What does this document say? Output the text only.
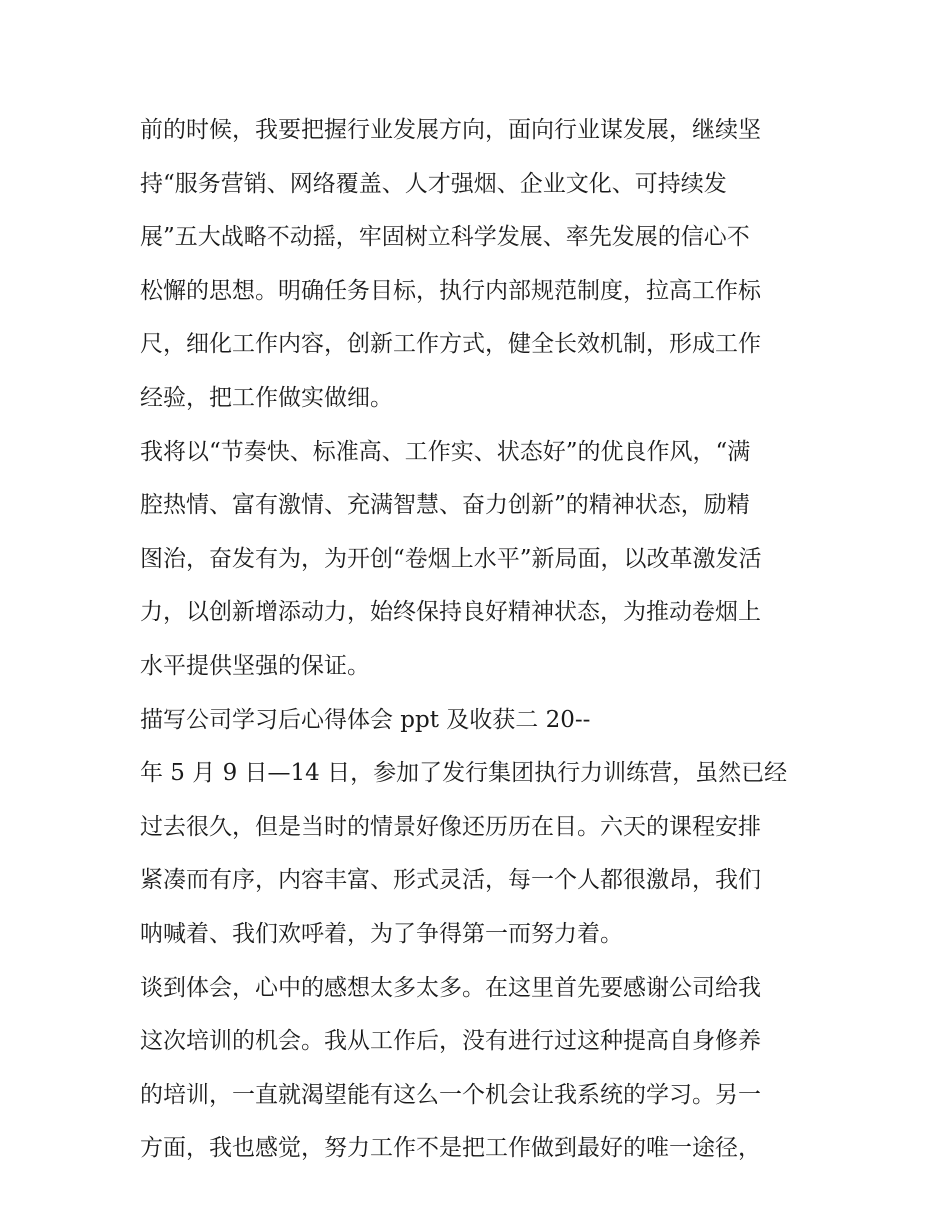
前的时候，我要把握行业发展方向，面向行业谋发展，继续坚
持“服务营销、网络覆盖、人才强烟、企业文化、可持续发
展”五大战略不动摇，牢固树立科学发展、率先发展的信心不
松懈的思想。明确任务目标，执行内部规范制度，拉高工作标
尺，细化工作内容，创新工作方式，健全长效机制，形成工作
经验，把工作做实做细。
我将以“节奏快、标准高、工作实、状态好”的优良作风，“满
腔热情、富有激情、充满智慧、奋力创新”的精神状态，励精
图治，奋发有为，为开创“卷烟上水平”新局面，以改革激发活
力，以创新增添动力，始终保持良好精神状态，为推动卷烟上
水平提供坚强的保证。
描写公司学习后心得体会 ppt 及收获二 20--
年 5 月 9 日—14 日，参加了发行集团执行力训练营，虽然已经
过去很久，但是当时的情景好像还历历在目。六天的课程安排
紧凑而有序，内容丰富、形式灵活，每一个人都很激昂，我们
呐喊着、我们欢呼着，为了争得第一而努力着。
谈到体会，心中的感想太多太多。在这里首先要感谢公司给我
这次培训的机会。我从工作后，没有进行过这种提高自身修养
的培训，一直就渴望能有这么一个机会让我系统的学习。另一
方面，我也感觉，努力工作不是把工作做到最好的唯一途径，
